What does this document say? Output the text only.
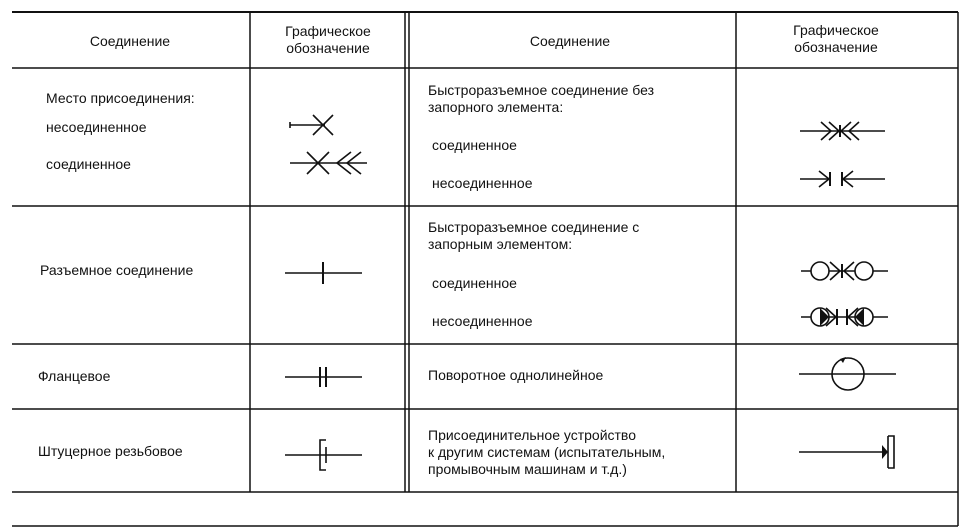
Соединение
Графическое
обозначение	Соединение
Графическое
обозначение
Место присоединения:
несоединенное
соединенное
Быстроразъемное соединение без
запорного элемента:
соединенное
несоединенное
Разъемное соединение
Быстроразъемное соединение с
запорным элементом:
соединенное
несоединенное
Фланцевое	Поворотное однолинейное
Штуцерное резьбовое
Присоединительное устройство
к другим системам (испытательным,
промывочным машинам и т.д.)
